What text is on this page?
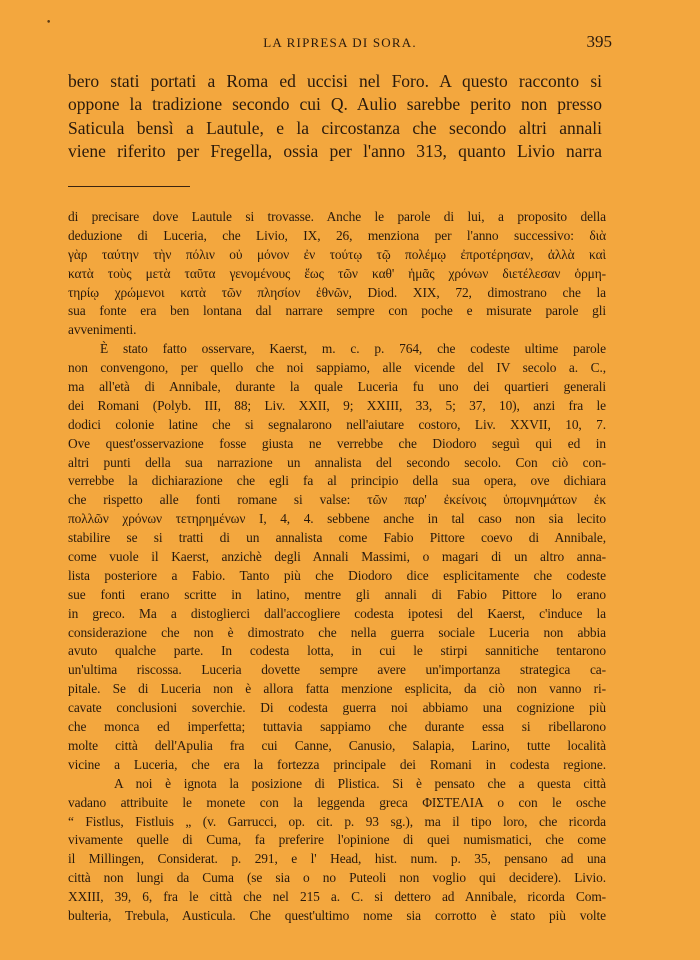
•
LA RIPRESA DI SORA.	395
bero stati portati a Roma ed uccisi nel Foro. A questo racconto si
oppone la tradizione secondo cui Q. Aulio sarebbe perito non presso
Saticula bensì a Lautule, e la circostanza che secondo altri annali
viene riferito per Fregella, ossia per l'anno 313, quanto Livio narra
di precisare dove Lautule si trovasse. Anche le parole di lui, a proposito della
deduzione di Luceria, che Livio, IX, 26, menziona per l'anno successivo: διὰ
γὰρ ταύτην τὴν πόλιν οὐ μόνον ἐν τούτῳ τῷ πολέμῳ ἐπροτέρησαν, ἀλλὰ καὶ
κατὰ τοὺς μετὰ ταῦτα γενομένους ἕως τῶν καθ' ἡμᾶς χρόνων διετέλεσαν ὁρμη-
τηρίῳ χρώμενοι κατὰ τῶν πλησίον ἐθνῶν, Diod. XIX, 72, dimostrano che la
sua fonte era ben lontana dal narrare sempre con poche e misurate parole gli
avvenimenti.
È stato fatto osservare, Kaerst, m. c. p. 764, che codeste ultime parole
non convengono, per quello che noi sappiamo, alle vicende del IV secolo a. C.,
ma all'età di Annibale, durante la quale Luceria fu uno dei quartieri generali
dei Romani (Polyb. III, 88; Liv. XXII, 9; XXIII, 33, 5; 37, 10), anzi fra le
dodici colonie latine che si segnalarono nell'aiutare costoro, Liv. XXVII, 10, 7.
Ove quest'osservazione fosse giusta ne verrebbe che Diodoro seguì qui ed in
altri punti della sua narrazione un annalista del secondo secolo. Con ciò con-
verrebbe la dichiarazione che egli fa al principio della sua opera, ove dichiara
che rispetto alle fonti romane si valse: τῶν παρ' ἐκείνοις ὑπομνημάτων ἐκ
πολλῶν χρόνων τετηρημένων I, 4, 4. sebbene anche in tal caso non sia lecito
stabilire se si tratti di un annalista come Fabio Pittore coevo di Annibale,
come vuole il Kaerst, anzichè degli Annali Massimi, o magari di un altro anna-
lista posteriore a Fabio. Tanto più che Diodoro dice esplicitamente che codeste
sue fonti erano scritte in latino, mentre gli annali di Fabio Pittore lo erano
in greco. Ma a distoglierci dall'accogliere codesta ipotesi del Kaerst, c'induce la
considerazione che non è dimostrato che nella guerra sociale Luceria non abbia
avuto qualche parte. In codesta lotta, in cui le stirpi sannitiche tentarono
un'ultima riscossa. Luceria dovette sempre avere un'importanza strategica ca-
pitale. Se di Luceria non è allora fatta menzione esplicita, da ciò non vanno ri-
cavate conclusioni soverchie. Di codesta guerra noi abbiamo una cognizione più
che monca ed imperfetta; tuttavia sappiamo che durante essa si ribellarono
molte città dell'Apulia fra cui Canne, Canusio, Salapia, Larino, tutte località
vicine a Luceria, che era la fortezza principale dei Romani in codesta regione.
A noi è ignota la posizione di Plistica. Si è pensato che a questa città
vadano attribuite le monete con la leggenda greca ΦΙΣΤΕΛΙΑ o con le osche
“ Fistlus, Fistluis „ (v. Garrucci, op. cit. p. 93 sg.), ma il tipo loro, che ricorda
vivamente quelle di Cuma, fa preferire l'opinione di quei numismatici, che come
il Millingen, Considerat. p. 291, e l' Head, hist. num. p. 35, pensano ad una
città non lungi da Cuma (se sia o no Puteoli non voglio qui decidere). Livio.
XXIII, 39, 6, fra le città che nel 215 a. C. si dettero ad Annibale, ricorda Com-
bulteria, Trebula, Austicula. Che quest'ultimo nome sia corrotto è stato più volte
